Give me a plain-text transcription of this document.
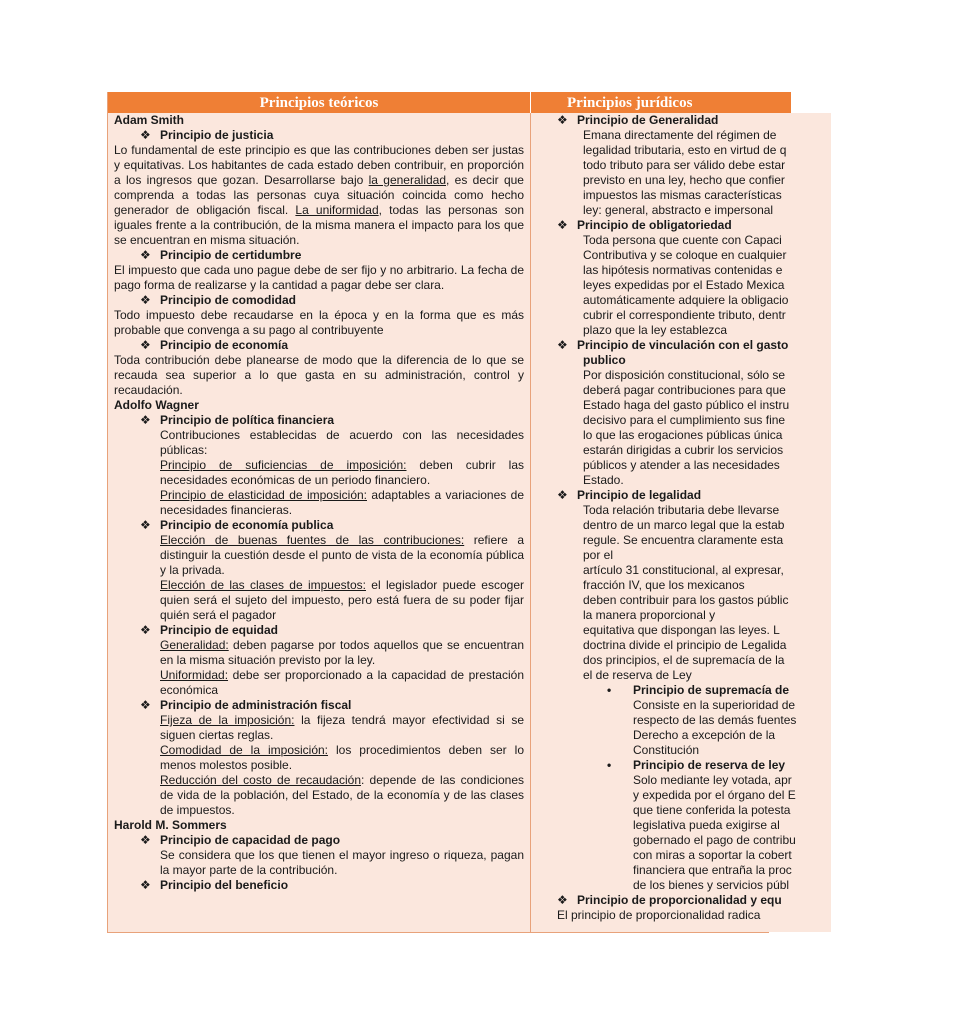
Principios teóricos	Principios jurídicos

Adam Smith

❖ Principio de justicia

Lo fundamental de este principio es que las contribuciones deben ser justas y equitativas. Los habitantes de cada estado deben contribuir, en proporción a los ingresos que gozan. Desarrollarse bajo la generalidad, es decir que comprenda a todas las personas cuya situación coincida como hecho generador de obligación fiscal. La uniformidad, todas las personas son iguales frente a la contribución, de la misma manera el impacto para los que se encuentran en misma situación.

❖ Principio de certidumbre

El impuesto que cada uno pague debe de ser fijo y no arbitrario. La fecha de pago forma de realizarse y la cantidad a pagar debe ser clara.

❖ Principio de comodidad

Todo impuesto debe recaudarse en la época y en la forma que es más probable que convenga a su pago al contribuyente

❖ Principio de economía

Toda contribución debe planearse de modo que la diferencia de lo que se recauda sea superior a lo que gasta en su administración, control y recaudación.

Adolfo Wagner

❖ Principio de política financiera

Contribuciones establecidas de acuerdo con las necesidades públicas:

Principio de suficiencias de imposición: deben cubrir las necesidades económicas de un periodo financiero.

Principio de elasticidad de imposición: adaptables a variaciones de necesidades financieras.

❖ Principio de economía publica

Elección de buenas fuentes de las contribuciones: refiere a distinguir la cuestión desde el punto de vista de la economía pública y la privada.

Elección de las clases de impuestos: el legislador puede escoger quien será el sujeto del impuesto, pero está fuera de su poder fijar quién será el pagador

❖ Principio de equidad

Generalidad: deben pagarse por todos aquellos que se encuentran en la misma situación previsto por la ley.

Uniformidad: debe ser proporcionado a la capacidad de prestación económica

❖ Principio de administración fiscal

Fijeza de la imposición: la fijeza tendrá mayor efectividad si se siguen ciertas reglas.

Comodidad de la imposición: los procedimientos deben ser lo menos molestos posible.

Reducción del costo de recaudación: depende de las condiciones de vida de la población, del Estado, de la economía y de las clases de impuestos.

Harold M. Sommers

❖ Principio de capacidad de pago

Se considera que los que tienen el mayor ingreso o riqueza, pagan la mayor parte de la contribución.

❖ Principio del beneficio

❖ Principio de Generalidad

Emana directamente del régimen de

legalidad tributaria, esto en virtud de q

todo tributo para ser válido debe estar

previsto en una ley, hecho que confier

impuestos las mismas características

ley: general, abstracto e impersonal

❖ Principio de obligatoriedad

Toda persona que cuente con Capaci

Contributiva y se coloque en cualquier

las hipótesis normativas contenidas e

leyes expedidas por el Estado Mexica

automáticamente adquiere la obligacio

cubrir el correspondiente tributo, dentr

plazo que la ley establezca

❖ Principio de vinculación con el gasto

publico

Por disposición constitucional, sólo se

deberá pagar contribuciones para que

Estado haga del gasto público el instru

decisivo para el cumplimiento sus fine

lo que las erogaciones públicas única

estarán dirigidas a cubrir los servicios

públicos y atender a las necesidades

Estado.

❖ Principio de legalidad

Toda relación tributaria debe llevarse

dentro de un marco legal que la estab

regule. Se encuentra claramente esta

por el

artículo 31 constitucional, al expresar,

fracción IV, que los mexicanos

deben contribuir para los gastos públic

la manera proporcional y

equitativa que dispongan las leyes. L

doctrina divide el principio de Legalida

dos principios, el de supremacía de la

el de reserva de Ley

• Principio de supremacía de

Consiste en la superioridad de

respecto de las demás fuentes

Derecho a excepción de la

Constitución

• Principio de reserva de ley

Solo mediante ley votada, apr

y expedida por el órgano del E

que tiene conferida la potesta

legislativa pueda exigirse al

gobernado el pago de contribu

con miras a soportar la cobert

financiera que entraña la proc

de los bienes y servicios públ

❖ Principio de proporcionalidad y equ

El principio de proporcionalidad radica
